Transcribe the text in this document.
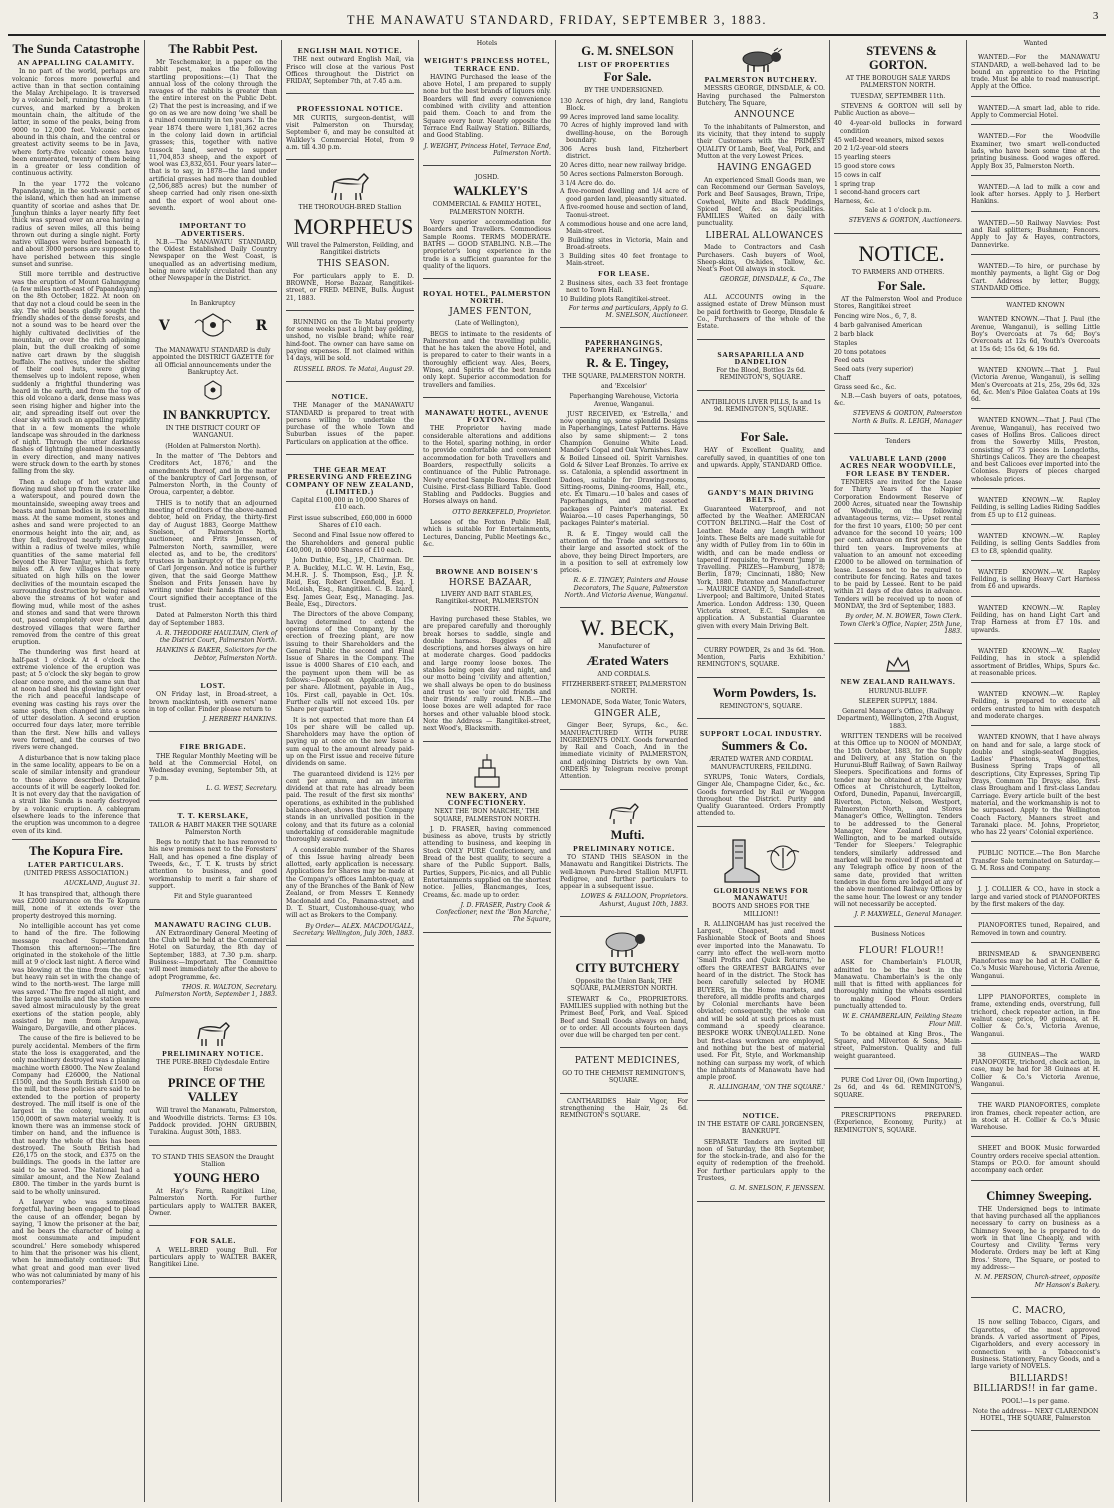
THE MANAWATU STANDARD, FRIDAY, SEPTEMBER 3, 1883.	3
The Sunda Catastrophe
AN APPALLING CALAMITY.

In no part of the world, perhaps are volcanic forces more powerful and active than in that section containing the Malay Archipelago. It is traversed by a volcanic belt, running through it in curves, and marked by a broken mountain chain, the altitude of the latter, in some of the peaks, being from 9000 to 12,000 feet. Volcanic cones abound in this chain, and the central or greatest activity seems to be in Java, where forty-five volcanic cones have been enumerated, twenty of them being in a greater or less condition of continuous activity.

In the year 1772 the volcano Papandayang, in the south-west part of the island, which then had an immense quantity of scoriae and ashes that Dr. Junghun thinks a layer nearly fifty feet thick was spread over an area having a radius of seven miles, all this being thrown out during a single night. Forty native villages were buried beneath it, and about 3000 persons are supposed to have perished between this single sunset and sunrise.

Still more terrible and destructive was the eruption of Mount Galunggung (a few miles north-east of Papandayang) on the 8th October, 1822. At noon on that day not a cloud could be seen in the sky. The wild beasts gladly sought the friendly shades of the dense forests, and not a sound was to be heard over the highly cultivated declivities of the mountain, or over the rich adjoining plain, but the dull croaking of some native cart drawn by the sluggish buffalo. The natives, under the shelter of their cool huts, were giving themselves up to indolent repose, when suddenly a frightful thundering was heard in the earth, and from the top of this old volcano a dark, dense mass was seen rising higher and higher into the air, and spreading itself out over the clear sky with such an appalling rapidity that in a few moments the whole landscape was shrouded in the darkness of night. Through the utter darkness flashes of lightning gleamed incessantly in every direction, and many natives were struck down to the earth by stones falling from the sky.

Then a deluge of hot water and flowing mud shot up from the crater like a waterspout, and poured down the mountainside, sweeping away trees and beasts and human bodies in its seething mass. At the same moment, stones and ashes and sand were projected to an enormous height into the air, and, as they fell, destroyed nearly everything within a radius of twelve miles, while quantities of the same material fell beyond the River Tanjur, which is forty miles off. A few villages that were situated on high hills on the lower declivities of the mountain escaped the surrounding destruction by being raised above the streams of hot water and flowing mud, while most of the ashes and stones and sand that were thrown out, passed completely over them, and destroyed villages that were farther removed from the centre of this great eruption.

The thundering was first heard at half-past 1 o'clock. At 4 o'clock the extreme violence of the eruption was past; at 5 o'clock the sky began to grow clear once more, and the same sun that at noon had shed his glowing light over the rich and peaceful landscape of evening was casting his rays over the same spots, then changed into a scene of utter desolation. A second eruption occurred four days later, more terrible than the first. New hills and valleys were formed, and the courses of two rivers were changed.

A disturbance that is now taking place in the same locality, appears to be on a scale of similar intensity and grandeur to those above described. Detailed accounts of it will be eagerly looked for. It is not every day that the navigation of a strait like Sunda is nearly destroyed by a volcanic eruption. A cablegram elsewhere leads to the inference that the eruption was uncommon to a degree even of its kind.

The Kopura Fire.
LATER PARTICULARS.

(UNITED PRESS ASSOCIATION.)

AUCKLAND, August 31.

It has transpired that, although there was £2000 insurance on the Te Kopura mill, none of it extends over the property destroyed this morning.

No intelligible account has yet come to hand of the fire. The following message reached Superintendant Thomson this afternoon:—'The fire originated in the stokehole of the little mill at 9 o'clock last night. A fierce wind was blowing at the time from the east; but heavy rain set in with the change of wind to the north-west. The large mill was saved.' The fire raged all night, and the large sawmills and the station were saved almost miraculously by the great exertions of the station people, ably assisted by men from Arapawa, Waingaro, Dargaville, and other places.

The cause of the fire is believed to be purely accidental. Members of the firm state the loss is exaggerated, and the only machinery destroyed was a planing machine worth £8000. The New Zealand Company had £26000, the National £1500, and the South British £1500 on the mill, but these policies are said to be extended to the portion of property destroyed. The mill itself is one of the largest in the colony, turning out 150,000ft of sawn material weekly. It is known there was an immense stock of timber on hand, and the influence is that nearly the whole of this has been destroyed. The South British had £26,175 on the stock, and £375 on the buildings. The goods in the latter are said to be saved. The National had a similar amount, and the New Zealand £800. The timber in the yards burnt is said to be wholly uninsured.

A lawyer who was sometimes forgetful, having been engaged to plead the cause of an offender, began by saying, 'I know the prisoner at the bar, and he bears the character of being a most consummate and impudent scoundrel.' Here somebody whispered to him that the prisoner was his client, when he immediately continued: 'But what great and good man ever lived who was not calumniated by many of his contemporaries?'

The Rabbit Pest.

Mr Teschemaker, in a paper on the rabbit pest, makes the following startling propositions:—(1) That the annual loss of the colony through the ravages of the rabbits is greater than the entire interest on the Public Debt. (2) That the pest is increasing, and if we go on as we are now doing 'we shall be a ruined community in ten years.' In the year 1874 there were 1,181,362 acres in the colony laid down in artificial grasses; this, together with native tussock land, served to support 11,704,853 sheep, and the export of wool was £3,832,651. Four years later—that is to say, in 1878—the land under artificial grasses had more than doubled (2,506,885 acres) but the number of sheep carried had only risen one-sixth and the export of wool about one-seventh.

IMPORTANT TO ADVERTISERS.

N.B.—The MANAWATU STANDARD, the Oldest Established Daily Country Newspaper on the West Coast, is unequalled as an advertising medium, being more widely circulated than any other Newspaper in the District.

In Bankruptcy

V	R

The MANAWATU STANDARD is duly appointed the DISTRICT GAZETTE for all Official announcements under the Bankruptcy Act.

IN BANKRUPTCY.

IN THE DISTRICT COURT OF WANGANUI.

(Holden at Palmerston North).

In the matter of 'The Debtors and Creditors Act, 1876,' and the amendments thereof, and in the matter of the bankruptcy of Carl Jorgenson, of Palmerston North, in the County of Oroua, carpenter, a debtor.

THIS is to notify that an adjourned meeting of creditors of the above-named debtor, held on Friday, the thirty-first day of August 1883, George Matthew Snelson, of Palmerston North, auctioneer, and Frits Jenssen, of Palmerston North, sawmiller, were elected as, and to be, the creditors' trustees in bankruptcy of the property of Carl Jorgenson. And notice is further given, that the said George Matthew Snelson and Frits Jenssen have by writing under their hands filed in this Court signified their acceptance of the trust.

Dated at Palmerston North this third day of September 1883.

A. R. THEODORE HAULTAIN, Clerk of the District Court, Palmerston North.

HANKINS & BAKER, Solicitors for the Debtor, Palmerston North.

LOST.

ON Friday last, in Broad-street, a brown mackintosh, with owners' name in top of collar. Finder please return to

J. HERBERT HANKINS.

FIRE BRIGADE.

THE Regular Monthly Meeting will be held at the Commercial Hotel, on Wednesday evening, September 5th, at 7 p.m.

L. G. WEST, Secretary.

T. T. KERSLAKE,

TAILOR & HABIT MAKER THE SQUARE Palmerston North

Begs to notify that he has removed to his new premises next to the Foresters' Hall, and has opened a fine display of Tweeds, &c., T. T. K. trusts by strict attention to business, and good workmanship to merit a fair share of support.

Fit and Style guaranteed

MANAWATU RACING CLUB.

AN Extraordinary General Meeting of the Club will be held at the Commercial Hotel on Saturday, the 8th day of September, 1883, at 7.30 p.m. sharp. Business:—Important. The Committee will meet immediately after the above to adopt Programme, &c.

THOS. R. WALTON, Secretary. Palmerston North, September 1, 1883.

PRELIMINARY NOTICE.

THE PURE-BRED Clydesdale Entire Horse

PRINCE OF THE VALLEY

Will travel the Manawatu, Palmerston, and Woodville districts. Terms: £3 10s. Paddock provided. JOHN GRUBBIN, Turakina. August 30th, 1883.

TO STAND THIS SEASON the Draught Stallion

YOUNG HERO

At Hay's Farm, Rangitikei Line, Palmerston North. For further particulars apply to WALTER BAKER, Owner.

FOR SALE.

A WELL-BRED young Bull. For particulars apply to WALTER BAKER, Rangitikei Line.

ENGLISH MAIL NOTICE.

THE next outward English Mail, via Frisco will close at the various Post Offices throughout the District on FRIDAY, September 7th, at 7.45 a.m.

PROFESSIONAL NOTICE.

MR CURTIS, surgeon-dentist, will visit Palmerston on Thursday, September 6, and may be consulted at Walkley's Commercial Hotel, from 9 a.m. till 4.30 p.m.

THE THOROUGH-BRED Stallion

MORPHEUS

Will travel the Palmerston, Feilding, and Rangitikei districts

THIS SEASON.

For particulars apply to E. D. BROWNE, Horse Bazaar, Rangitikei-street, or FRED. MEINE, Bulls. August 21, 1883.

RUNNING on the Te Matai property for some weeks past a light bay gelding, unshod, no visible brand; white rear hind-foot. The owner can have same on paying expenses. If not claimed within 14 days, will be sold.

RUSSELL BROS. Te Matai, August 29.

NOTICE.

THE Manager of the MANAWATU STANDARD is prepared to treat with persons willing to undertake the purchase of the whole Town and Suburban issues of the paper. Particulars on application at the office.

THE GEAR MEAT PRESERVING AND FREEZING COMPANY OF NEW ZEALAND, (LIMITED.)

Capital £100,000 in 10,000 Shares of £10 each.

First issue subscribed, £60,000 in 6000 Shares of £10 each.

Second and Final Issue now offered to the Shareholders and general public £40,000, in 4000 Shares of £10 each.

John Duthie, Esq., J.P., Chairman. Dr. P. A. Buckley, M.L.C. W. H. Levin, Esq., M.H.R. J. S. Thompson, Esq., J.P. N. Reid, Esq. Robert Greenfield, Esq. J. McLeish, Esq., Rangitikei. C. B. Izard, Esq. James Gear, Esq., Managing. Jas. Beale, Esq., Directors.

The Directors of the above Company, having determined to extend the operations of the Company, by the erection of freezing plant, are now issuing to their Shareholders and the General Public the second and Final Issue of Shares in the Company. The issue is 4000 Shares of £10 each, and the payment upon them will be as follows:—Deposit on Application, 15s per share. Allotment, payable in Aug., 10s. First call, payable in Oct. 10s. Further calls will not exceed 10s. per Share per quarter.

It is not expected that more than £4 10s per share will be called up. Shareholders may have the option of paying up at once on the new Issue a sum equal to the amount already paid-up on the First issue and receive future dividends on same.

The guaranteed dividend is 12½ per cent per annum, and an interim dividend at that rate has already been paid. The result of the first six months' operations, as exhibited in the published balance-sheet, shows that the Company stands in an unrivalled position in the colony, and that its future as a colonial undertaking of considerable magnitude thoroughly assured.

A considerable number of the Shares of this Issue having already been allotted, early application is necessary. Applications for Shares may be made at the Company's offices Lambton-quay, at any of the Branches of the Bank of New Zealand, or from Messrs T. Kennedy Macdonald and Co., Panama-street, and D. T. Stuart, Customhouse-quay, who will act as Brokers to the Company.

By Order— ALEX. MACDOUGALL, Secretary. Wellington, July 30th, 1883.

Hotels

WEIGHT'S PRINCESS HOTEL, TERRACE END.

HAVING Purchased the lease of the above Hotel, I am prepared to supply none but the best brands of liquors only. Boarders will find every convenience combined with civility and attention paid them. Coach to and from the Square every hour. Nearly opposite the Terrace End Railway Station. Billiards, and Good Stabling.

J. WEIGHT, Princess Hotel, Terrace End, Palmerston North.

JOSHD.

WALKLEY'S

COMMERCIAL & FAMILY HOTEL, PALMERSTON NORTH.

Very superior accommodation for Boarders and Travellers. Commodious Sample Rooms. TERMS MODERATE. BATHS — GOOD STABLING. N.B.—The proprietor's long experience in the trade is a sufficient guarantee for the quality of the liquors.

ROYAL HOTEL, PALMERSTON NORTH.

JAMES FENTON,

(Late of Wellington),

BEGS to intimate to the residents of Palmerston and the travelling public, that he has taken the above Hotel, and is prepared to cater to their wants in a thoroughly efficient way. Ales, Beers, Wines, and Spirits of the best brands only kept. Superior accommodation for travellers and families.

MANAWATU HOTEL, AVENUE FOXTON.

THE Proprietor having made considerable alterations and additions to the Hotel, sparing nothing, in order to provide comfortable and convenient accommodation for both Travellers and Boarders, respectfully solicits a continuance of the Public Patronage. Newly erected Sample Rooms. Excellent Cuisine. First-class Billiard Table. Good Stabling and Paddocks. Buggies and Horses always on hand.

OTTO BERKEFELD, Proprietor.

Lessee of the Foxton Public Hall, which is suitable for Entertainments, Lectures, Dancing, Public Meetings &c., &c.

BROWNE AND BOISEN'S

HORSE BAZAAR,

LIVERY AND BAIT STABLES, Rangitikei-street, PALMERSTON NORTH.

Having purchased these Stables, we are prepared carefully and thoroughly break horses to saddle, single and double harness. Buggies of all descriptions, and horses always on hire at moderate charges. Good paddocks and large roomy loose boxes. The stables being open day and night, and our motto being 'civility and attention,' we shall always be open to do business and trust to see 'our old friends and their friends' rally round. N.B.—The loose boxes are well adapted for race horses and other valuable blood stock. Note the Address — Rangitikei-street, next Wood's, Blacksmith.

NEW BAKERY, AND CONFECTIONERY.

NEXT THE 'BON MARCHE,' THE SQUARE, PALMERSTON NORTH.

J. D. FRASER, having commenced business as above, trusts by strictly attending to business, and keeping in Stock ONLY PURE Confectionery, and Bread of the best quality, to secure a share of the Public Support. Balls, Parties, Suppers, Pic-nics, and all Public Entertainments supplied on the shortest notice. Jellies, Blancmanges, Ices, Creams, &c. made up to order.

J. D. FRASER, Pastry Cook & Confectioner, next the 'Bon Marche,' The Square,

G. M. SNELSON

LIST OF PROPERTIES

For Sale.

BY THE UNDERSIGNED.

130 Acres of high, dry land, Rangiotu Block.

99 Acres improved land same locality.

70 Acres of highly improved land with dwelling-house, on the Borough boundary.

306 Acres bush land, Fitzherbert district.

20 Acres ditto, near new railway bridge.

50 Acres sections Palmerston Borough.

3 1/4 Acre do. do.

A five-roomed dwelling and 1/4 acre of good garden land, pleasantly situated.

A five-roomed house and section of land, Taonui-street.

A commodious house and one acre land, Main-street.

9 Building sites in Victoria, Main and Broad-streets.

3 Building sites 40 feet frontage to Main-street.

FOR LEASE.

2 Business sites, each 33 feet frontage next to Town Hall.

10 Building plots Rangitikei-street.

For terms and particulars, Apply to G. M. SNELSON, Auctioneer.

PAPERHANGINGS, PAPERHANGINGS.

R. & E. Tingey,

THE SQUARE, PALMERSTON NORTH.

and 'Excelsior'

Paperhanging Warehouse, Victoria Avenue, Wanganui.

JUST RECEIVED, ex 'Estrella,' and now opening up, some splendid Designs in Paperhangings, Latest Patterns. Have also by same shipment:— 2 tons Champion Genuine White Lead. Mander's Copal and Oak Varnishes. Raw & Boiled Linseed oil. Spirit Varnishes. Gold & Silver Leaf Bronzes. To arrive ex ss. Catalonia, a splendid assortment in Dadoes, suitable for Drawing-rooms, Sitting-rooms, Dining-rooms, Hall, etc., etc. Ex Timaru.—10 bales and cases of Paperhangings, and 200 assorted packages of Painter's material. Ex Waiaroa.—10 cases Paperhangings, 50 packages Painter's material.

R. & E. Tingey would call the attention of the Trade and settlers to their large and assorted stock of the above, they being Direct Importers, are in a position to sell at extremely low prices.

R. & E. TINGEY, Painters and House Decorators, The Square, Palmerston North. And Victoria Avenue, Wanganui.

W. BECK,

Manufacturer of

Ærated Waters

AND CORDIALS.

FITZHERBERT-STREET, PALMERSTON NORTH.

LEMONADE, Soda Water, Tonic Waters,

GINGER ALE,

Ginger Beer, Syrups, &c., &c. MANUFACTURED WITH PURE INGREDIENTS ONLY. Goods forwarded by Rail and Coach, And in the immediate vicinity of PALMERSTON, and adjoining Districts by own Van. ORDERS by Telegram receive prompt Attention.

Mufti.

PRELIMINARY NOTICE.

TO STAND THIS SEASON in the Manawatu and Rangitikei Districts. The well-known Pure-bred Stallion MUFTI. Pedigree, and further particulars to appear in a subsequent issue.

LOWES & FALLOON, Proprietors. Ashurst, August 10th, 1883.

CITY BUTCHERY

Opposite the Union Bank, THE SQUARE, PALMERSTON NORTH.

STEWART & Co., PROPRIETORS. FAMILIES supplied with nothing but the Primest Beef, Pork, and Veal. Spiced Beef and Small Goods always on hand, or to order. All accounts fourteen days over due will be charged ten per cent.

PATENT MEDICINES,

GO TO THE CHEMIST REMINGTON'S, SQUARE.

CANTHARIDES Hair Vigor, For strengthening the Hair, 2s 6d. REMINGTON'S SQUARE.

PALMERSTON BUTCHERY.

MESSRS GEORGE, DINSDALE, & CO. Having purchased the Palmerston Butchery, The Square,

ANNOUNCE

To the inhabitants of Palmerston, and its vicinity, that they intend to supply their Customers with the PRIMEST QUALITY Of Lamb, Beef, Veal, Pork, and Mutton at the very Lowest Prices.

HAVING ENGAGED

An experienced Small Goods man, we can Recommend our German Saveloys, Pork and Beef Sausages, Brawn, Tripe, Cowheel, White and Black Puddings, Spiced Beef, &c. as Specialities. FAMILIES Waited on daily with punctuality.

LIBERAL ALLOWANCES

Made to Contractors and Cash Purchasers. Cash buyers of Wool, Sheep-skins, Ox-hides, Tallow, &c. Neat's Foot Oil always in stock.

GEORGE, DINSDALE, & Co., The Square.

ALL ACCOUNTS owing in the assigned estate of Drew Munson must be paid forthwith to George, Dinsdale & Co., Purchasers of the whole of the Estate.

SARSAPARILLA AND DANDELION

For the Blood, Bottles 2s 6d. REMINGTON'S, SQUARE.

ANTIBILIOUS LIVER PILLS, Is and 1s 9d. REMINGTON'S, SQUARE.

For Sale.

HAY of Excellent Quality, and carefully saved, in quantities of one ton and upwards. Apply, STANDARD Office.

GANDY'S MAIN DRIVING BELTS.

Guaranteed Waterproof, and not affected by the Weather. AMERICAN COTTON BELTING.—Half the Cost of Leather. Made any Length without Joints. These Belts are made suitable for any width of Pulley from 1in to 60in in width, and can be made endless or tapered if requisite, to Prevent 'Jump' in Travelling. PRIZES—Hamburg, 1878; Berlin, 1879; Cincinnati, 1880; New York, 1880. Patentee and Manufacturer— MAURICE GANDY, 5, Sandell-street, Liverpool; and Baltimore, United States America. London Address: 130, Queen Victoria street, E.C. Samples on application. A Substantial Guarantee given with every Main Driving Belt.

CURRY POWDER, 2s and 3s 6d. 'Hon. Mention, Paris Exhibition.' REMINGTON'S, SQUARE.

Worm Powders, 1s.

REMINGTON'S, SQUARE.

SUPPORT LOCAL INDUSTRY.

Summers & Co.

ÆRATED WATER AND CORDIAL MANUFACTURERS, FEILDING.

SYRUPS, Tonic Waters, Cordials, Ginger Ale, Champagne Cider, &c., &c. Goods forwarded by Rail or Waggon throughout the District. Purity and Quality Guaranteed. Orders Promptly attended to.

GLORIOUS NEWS FOR MANAWATU!

BOOTS AND SHOES FOR THE MILLION!!

R. ALLINGHAM has just received the Largest, Cheapest, and most Fashionable Stock of Boots and Shoes ever imported into the Manawatu. To carry into effect the well-worn motto 'Small Profits and Quick Returns,' he offers the GREATEST BARGAINS ever heard of in the district. The Stock has been carefully selected by HOME BUYERS, in the Home markets, and therefore, all middle profits and charges by Colonial merchants have been obviated; consequently, the whole can and will be sold at such prices as must command a speedy clearance. BESPOKE WORK UNEQUALLED. None but first-class workmen are employed, and nothing but the best of material used. For Fit, Style, and Workmanship nothing can surpass my work, of which the inhabitants of Manawatu have had ample proof.

R. ALLINGHAM, 'ON THE SQUARE.'

NOTICE.

IN THE ESTATE OF CARL JORGENSEN, BANKRUPT.

SEPARATE Tenders are invited till noon of Saturday, the 8th September, for the stock-in-trade, and also for the equity of redemption of the freehold. For further particulars apply to the Trustees,

G. M. SNELSON, F. JENSSEN.

STEVENS & GORTON.

AT THE BOROUGH SALE YARDS PALMERSTON NORTH.

TUESDAY, SEPTEMBER 11th.

STEVENS & GORTON will sell by Public Auction as above—

40 4-year-old bullocks in forward condition

45 well-bred weaners, mixed sexes

20 2 1/2-year-old steers

15 yearling steers

15 good store cows

15 cows in calf

1 spring trap

1 second-hand grocers cart

Harness, &c.

Sale at 1 o'clock p.m.

STEVENS & GORTON, Auctioneers.

NOTICE.

TO FARMERS AND OTHERS.

For Sale.

AT the Palmerston Wool and Produce Stores, Rangitikei street

Fencing wire Nos., 6, 7, 8.

4 barb galvanised American

2 barb black

Staples

20 tons potatoes

Feed oats

Seed oats (very superior)

Chaff

Grass seed &c., &c.

N.B.—Cash buyers of oats, potatoes, &c.

STEVENS & GORTON, Palmerston North & Bulls. R. LEIGH, Manager

Tenders

VALUABLE LAND (2000 ACRES NEAR WOODVILLE, FOR LEASE BY TENDER.

TENDERS are invited for the Lease for Thirty Years of the Napier Corporation Endowment Reserve of 2000 Acres, situated near the Township of Woodville, on the following advantageous terms, viz:— Upset rental for the first 10 years, £100; 50 per cent advance for the second 10 years; 100 per cent. advance on first price for the third ten years. Improvements at valuation to an amount not exceeding £2000 to be allowed on termination of lease. Lessees not to be required to contribute for fencing. Rates and taxes to be paid by Lessee. Rent to be paid within 21 days of due dates in advance. Tenders will be received up to noon of MONDAY, the 3rd of September, 1883.

By order, M. N. BOWER, Town Clerk. Town Clerk's Office, Napier, 25th June, 1883.

NEW ZEALAND RAILWAYS.

HURUNUI-BLUFF.

SLEEPER SUPPLY, 1884.

General Manager's Office, (Railway Department), Wellington, 27th August, 1883.

WRITTEN TENDERS will be received at this Office up to NOON of MONDAY, the 15th October, 1883, for the Supply and Delivery, at any Station on the Hurunui-Bluff Railway, of Sawn Railway Sleepers. Specifications and forms of tender may be obtained at the Railway Offices at Christchurch, Lyttelton, Oxford, Dunedin, Papanui, Invercargill, Riverton, Picton, Nelson, Westport, Palmerston North, and Stores Manager's Office, Wellington. Tenders to be addressed to the General Manager, New Zealand Railways, Wellington, and to be marked outside 'Tender for Sleepers.' Telegraphic tenders, similarly addressed and marked will be received if presented at any Telegraph office by noon of the same date, provided that written tenders in due form are lodged at any of the above mentioned Railway Offices by the same hour. The lowest or any tender will not necessarily be accepted.

J. P. MAXWELL, General Manager.

Business Notices

FLOUR! FLOUR!!

ASK for Chamberlain's FLOUR, admitted to be the best in the Manawatu. Chamberlain's is the only mill that is fitted with appliances for thoroughly mixing the wheats essential to making Good Flour. Orders punctually attended to.

W. E. CHAMBERLAIN, Feilding Steam Flour Mill.

To be obtained at King Bros., The Square, and Milverton & Sons, Main-street, Palmerston. Quality and full weight guaranteed.

PURE Cod Liver Oil, (Own Importing,) 2s 6d, and 4s 6d. REMINGTON'S, SQUARE.

PRESCRIPTIONS PREPARED. (Experience, Economy, Purity.) at REMINGTON'S, SQUARE.

Wanted

WANTED.—For the MANAWATU STANDARD, a well-behaved lad to be bound an apprentice to the Printing trade. Must be able to read manuscript. Apply at the Office.

WANTED.—A smart lad, able to ride. Apply to Commercial Hotel.

WANTED.—For the Woodville Examiner, two smart well-conducted lads, who have been some time at the printing business. Good wages offered. Apply Box 35, Palmerston North.

WANTED.—A lad to milk a cow and look after horses. Apply to J. Herbert Hankins.

WANTED.—50 Railway Navvies: Post and Rail splitters; Bushmen; Fencers. Apply to Jay & Hayes, contractors, Dannevirke.

WANTED.—To hire, or purchase by monthly payments, a light Gig or Dog Cart. Address by letter, Buggy, STANDARD Office.

WANTED KNOWN

WANTED KNOWN.—That J. Paul (the Avenue, Wanganui), is selling Little Boy's Overcoats at 7s 6d; Boy's Overcoats at 12s 6d, Youth's Overcoats at 15s 6d; 15s 6d, & 19s 6d.

WANTED KNOWN.—That J. Paul (Victoria Avenue, Wanganui), is selling Men's Overcoats at 21s, 25s, 29s 6d, 32s 6d, &c. Men's Piloe Galatea Coats at 19s 6d.

WANTED KNOWN.—That J. Paul (The Avenue, Wanganui), has received two cases of Hollins Bros. Calicoes direct from the Sowerby Mills, Preston, consisting of 73 pieces in Longcloths, Shirtings Calicos. They are the cheapest and best Calicoes ever imported into the Colonies. Buyers of pieces charged wholesale prices.

WANTED KNOWN.—W. Rapley Feilding, is selling Ladies Riding Saddles from £5 up to £12 guineas.

WANTED KNOWN.—W. Rapley Feilding, is selling Gents Saddles from £3 to £8, splendid quality.

WANTED KNOWN.—W. Rapley Feilding, is selling Heavy Cart Harness from £6 and upwards.

WANTED KNOWN.—W. Rapley Feilding, has on hand Light Cart and Trap Harness at from £7 10s. and upwards.

WANTED KNOWN.—W. Rapley Feilding, has in stock a splendid assortment of Bridles, Whips, Spurs &c. at reasonable prices.

WANTED KNOWN.—W. Rapley Feilding, is prepared to execute all orders entrusted to him with despatch and moderate charges.

WANTED KNOWN, that I have always on hand and for sale, a large stock of double and single-seated Buggies, Ladies' Phaetons, Waggonettes, Business Spring Traps of all descriptions, City Expresses, Spring Tip Drays, Common Tip Drays; also, first-class Brougham and 1 first-class Landau Carriage. Every article built of the best material, and the workmanship is not to be surpassed. Apply to the Wellington Coach Factory, Manners street and Taranaki place. M. Johns, Proprietor, who has 22 years' Colonial experience.

PUBLIC NOTICE.—The Bon Marche Transfer Sale terminated on Saturday.—G. M. Ross and Company.

J. J. COLLIER & CO., have in stock a large and varied stock of PIANOFORTES by the first makers of the day.

PIANOFORTES tuned, Repaired, and Removed in town and country.

BRINSMEAD & SPANGENBERG Pianofortes may be had at H. Collier & Co.'s Music Warehouse, Victoria Avenue, Wanganui.

LIPP PIANOFORTES, complete in frame, extending ends, overstrung, full trichord, check repeater action, in fine walnut case; price, 90 guineas, at H. Collier & Co.'s, Victoria Avenue, Wanganui.

38 GUINEAS—The WARD PIANOFORTE, trichord, check action, in case, may be had for 38 Guineas at H. Collier & Co.'s Victoria Avenue, Wanganui.

THE WARD PIANOFORTES, complete iron frames, check repeater action, are in stock at H. Collier & Co.'s Music Warehouse.

SHEET and BOOK Music forwarded Country orders receive special attention. Stamps or P.O.O. for amount should accompany each order.

Chimney Sweeping.

THE Undersigned begs to intimate that having purchased all the appliances necessary to carry on business as a Chimney Sweep, he is prepared to do work in that line Cheaply, and with Courtesy and Civility. Terms very Moderate. Orders may be left at King Bros.' Store, The Square, or posted to my address:—

N. M. PERSON, Church-street, opposite Mr Hanson's Bakery.

C. MACRO,

IS now selling Tobacco, Cigars, and Cigarettes, of the most approved brands. A varied assortment of Pipes, Cigarholders, and every accessory in connection with a Tobacconist's Business. Stationery, Fancy Goods, and a large variety of NOVELS.

BILLIARDS! BILLIARDS!! in far game.

POOL!—1s per game.

Note the address— NEXT CLARENDON HOTEL, THE SQUARE, Palmerston
